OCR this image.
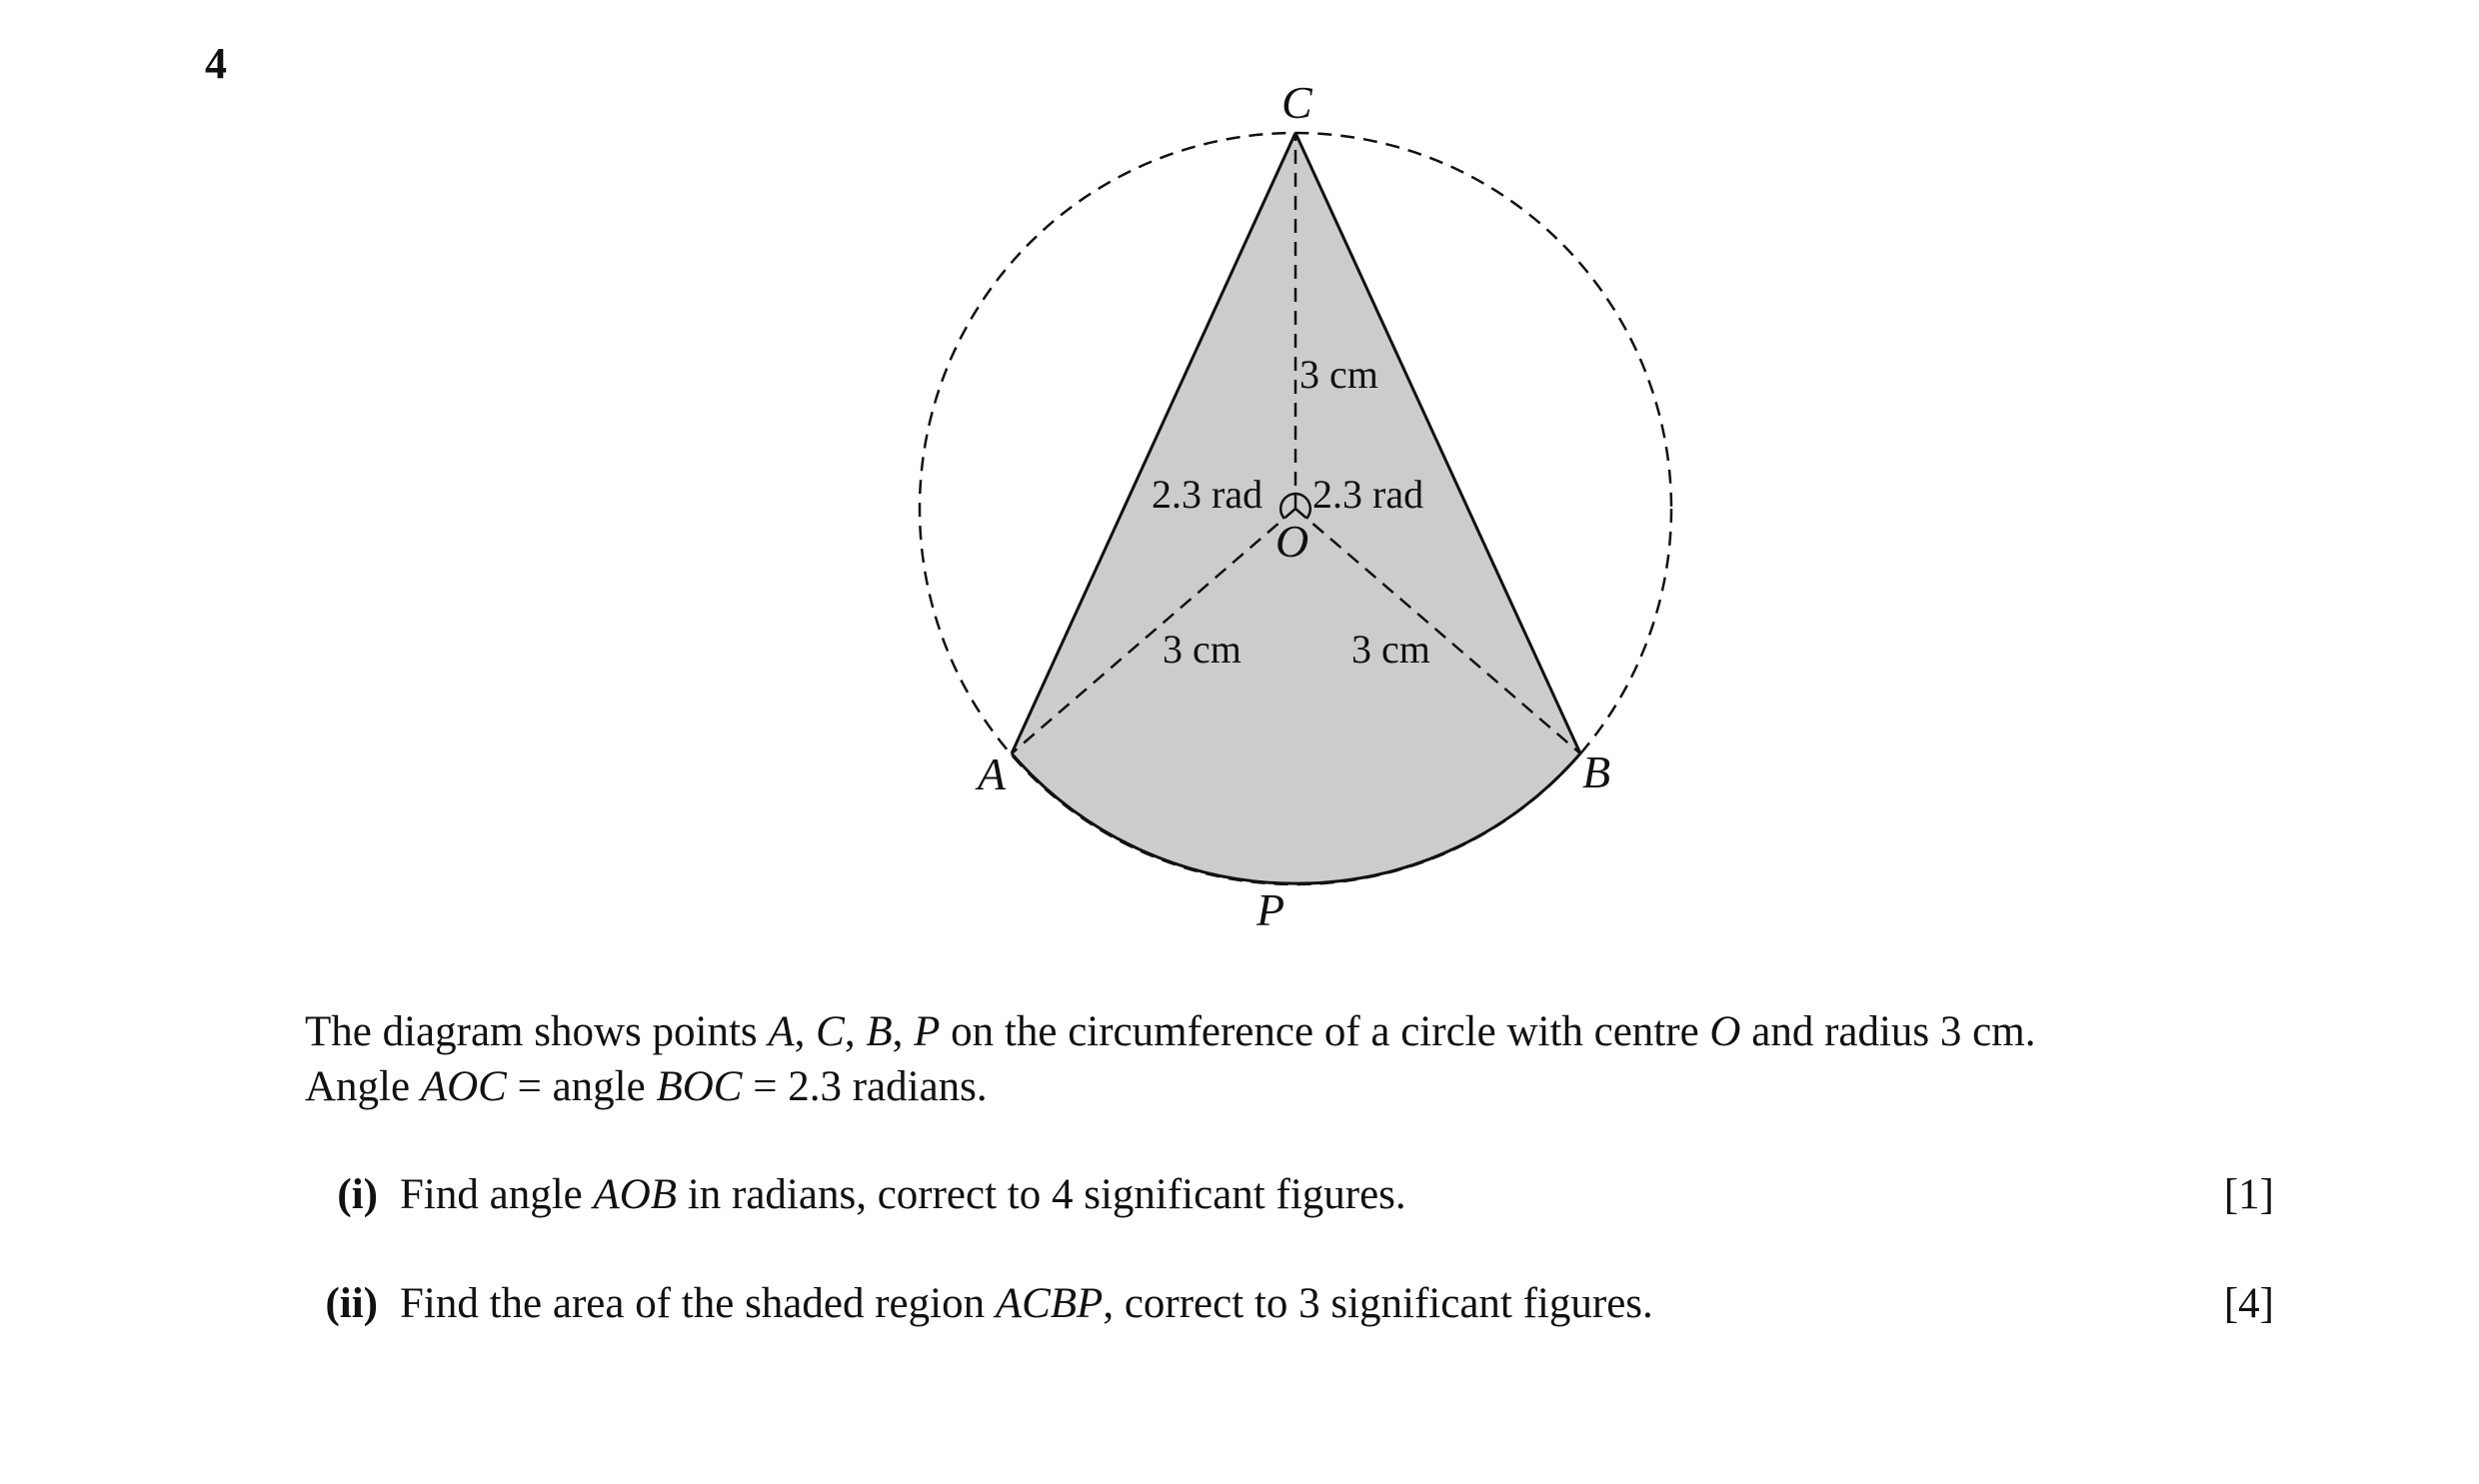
4
C
A	B
O
P
3 cm
2.3 rad 2.3 rad
3 cm	3 cm
The diagram shows points A, C, B, P on the circumference of a circle with centre O and radius 3 cm.
Angle AOC = angle BOC = 2.3 radians.
(i) Find angle AOB in radians, correct to 4 significant figures.	[1]
(ii) Find the area of the shaded region ACBP, correct to 3 significant figures.	[4]
